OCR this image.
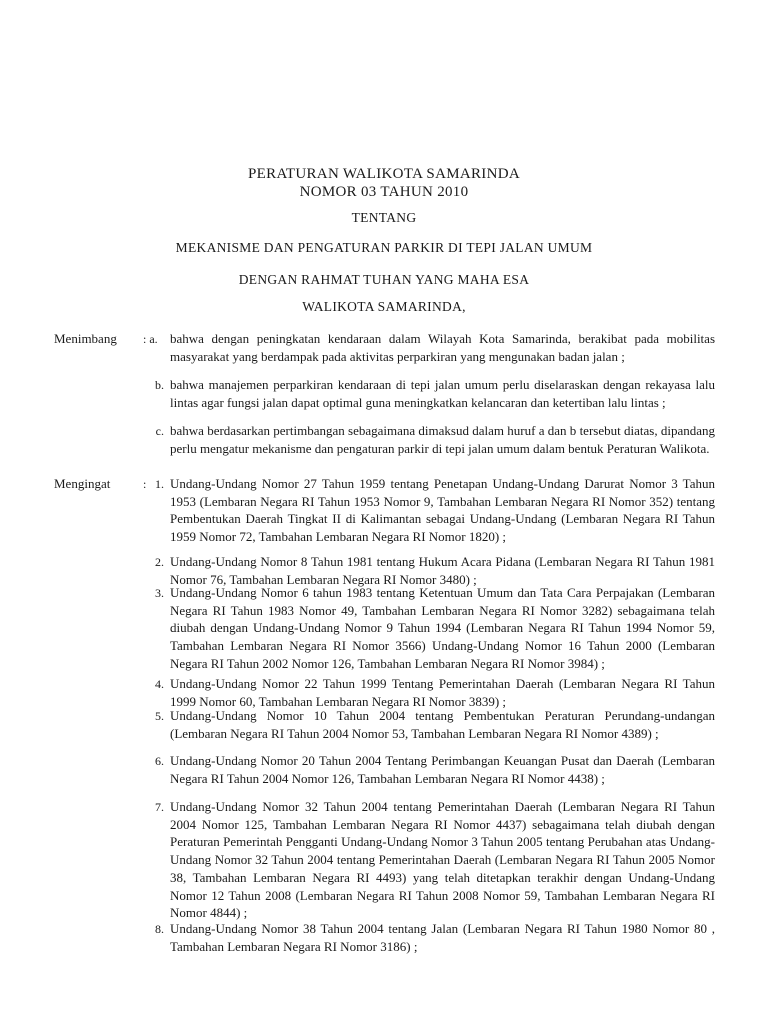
PERATURAN WALIKOTA SAMARINDA
NOMOR 03 TAHUN 2010
TENTANG
MEKANISME DAN PENGATURAN PARKIR DI TEPI JALAN UMUM
DENGAN RAHMAT TUHAN YANG MAHA ESA
WALIKOTA SAMARINDA,
Menimbang : a. bahwa dengan peningkatan kendaraan dalam Wilayah Kota Samarinda, berakibat pada mobilitas masyarakat yang berdampak pada aktivitas perparkiran yang mengunakan badan jalan ;
b. bahwa manajemen perparkiran kendaraan di tepi jalan umum perlu diselaraskan dengan rekayasa lalu lintas agar fungsi jalan dapat optimal guna meningkatkan kelancaran dan ketertiban lalu lintas ;
c. bahwa berdasarkan pertimbangan sebagaimana dimaksud dalam huruf a dan b tersebut diatas, dipandang perlu mengatur mekanisme dan pengaturan parkir di tepi jalan umum dalam bentuk Peraturan Walikota.
Mengingat	: 1. Undang-Undang Nomor 27 Tahun 1959 tentang Penetapan Undang-Undang Darurat Nomor 3 Tahun 1953 (Lembaran Negara RI Tahun 1953 Nomor 9, Tambahan Lembaran Negara RI Nomor 352) tentang Pembentukan Daerah Tingkat II di Kalimantan sebagai Undang-Undang (Lembaran Negara RI Tahun 1959 Nomor 72, Tambahan Lembaran Negara RI Nomor 1820) ;
2. Undang-Undang Nomor 8 Tahun 1981 tentang Hukum Acara Pidana (Lembaran Negara RI Tahun 1981 Nomor 76, Tambahan Lembaran Negara RI Nomor 3480) ;
3. Undang-Undang Nomor 6 tahun 1983 tentang Ketentuan Umum dan Tata Cara Perpajakan (Lembaran Negara RI Tahun 1983 Nomor 49, Tambahan Lembaran Negara RI Nomor 3282) sebagaimana telah diubah dengan Undang-Undang Nomor 9 Tahun 1994 (Lembaran Negara RI Tahun 1994 Nomor 59, Tambahan Lembaran Negara RI Nomor 3566) Undang-Undang Nomor 16 Tahun 2000 (Lembaran Negara RI Tahun 2002 Nomor 126, Tambahan Lembaran Negara RI Nomor 3984) ;
4. Undang-Undang Nomor 22 Tahun 1999 Tentang Pemerintahan Daerah (Lembaran Negara RI Tahun 1999 Nomor 60, Tambahan Lembaran Negara RI Nomor 3839) ;
5. Undang-Undang Nomor 10 Tahun 2004 tentang Pembentukan Peraturan Perundang-undangan (Lembaran Negara RI Tahun 2004 Nomor 53, Tambahan Lembaran Negara RI Nomor 4389) ;
6. Undang-Undang Nomor 20 Tahun 2004 Tentang Perimbangan Keuangan Pusat dan Daerah (Lembaran Negara RI Tahun 2004 Nomor 126, Tambahan Lembaran Negara RI Nomor 4438) ;
7. Undang-Undang Nomor 32 Tahun 2004 tentang Pemerintahan Daerah (Lembaran Negara RI Tahun 2004 Nomor 125, Tambahan Lembaran Negara RI Nomor 4437) sebagaimana telah diubah dengan Peraturan Pemerintah Pengganti Undang-Undang Nomor 3 Tahun 2005 tentang Perubahan atas Undang-Undang Nomor 32 Tahun 2004 tentang Pemerintahan Daerah (Lembaran Negara RI Tahun 2005 Nomor 38, Tambahan Lembaran Negara RI 4493) yang telah ditetapkan terakhir dengan Undang-Undang Nomor 12 Tahun 2008 (Lembaran Negara RI Tahun 2008 Nomor 59, Tambahan Lembaran Negara RI Nomor 4844) ;
8. Undang-Undang Nomor 38 Tahun 2004 tentang Jalan (Lembaran Negara RI Tahun 1980 Nomor 80 , Tambahan Lembaran Negara RI Nomor 3186) ;
